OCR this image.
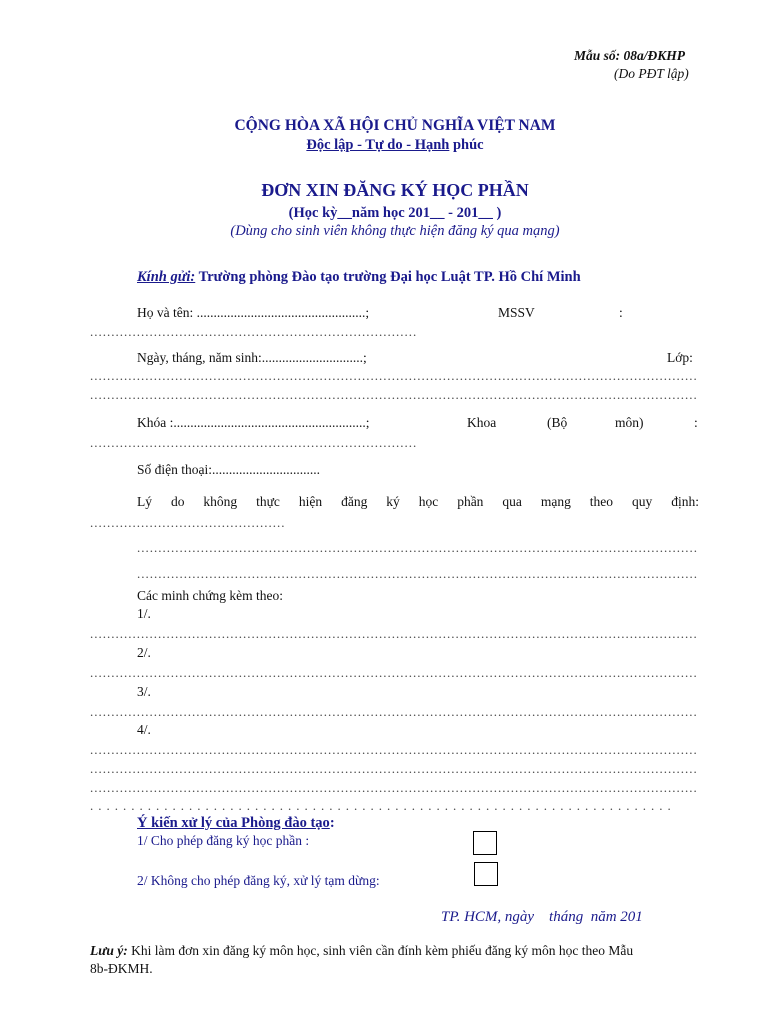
Mẫu số: 08a/ĐKHP
(Do PĐT lập)
CỘNG HÒA XÃ HỘI CHỦ NGHĨA VIỆT NAM
Độc lập - Tự do - Hạnh phúc
ĐƠN XIN ĐĂNG KÝ HỌC PHẦN
(Học kỳ__năm học 201__ - 201__ )
(Dùng cho sinh viên không thực hiện đăng ký qua mạng)
Kính gửi: Trường phòng Đào tạo trường Đại học Luật TP. Hồ Chí Minh
Họ và tên: ..................................................;	MSSV	:
.....
Ngày, tháng, năm sinh:..............................;	Lớp:
.....
.....
Khóa :.........................................................;	Khoa	(Bộ	môn)	:
.....
Số điện thoại:................................
Lý do không thực hiện đăng ký học phần qua mạng theo quy định:
.....
.....
.....
Các minh chứng kèm theo:
1/.
.....
2/.
.....
3/.
.....
4/.
.....
.....
.....
.....
Ý kiến xử lý của Phòng đào tạo:
1/ Cho phép đăng ký học phần :
2/ Không cho phép đăng ký, xử lý tạm dừng:
TP. HCM, ngày    tháng  năm 201
Lưu ý: Khi làm đơn xin đăng ký môn học, sinh viên cần đính kèm phiếu đăng ký môn học theo Mẫu
8b-ĐKMH.
